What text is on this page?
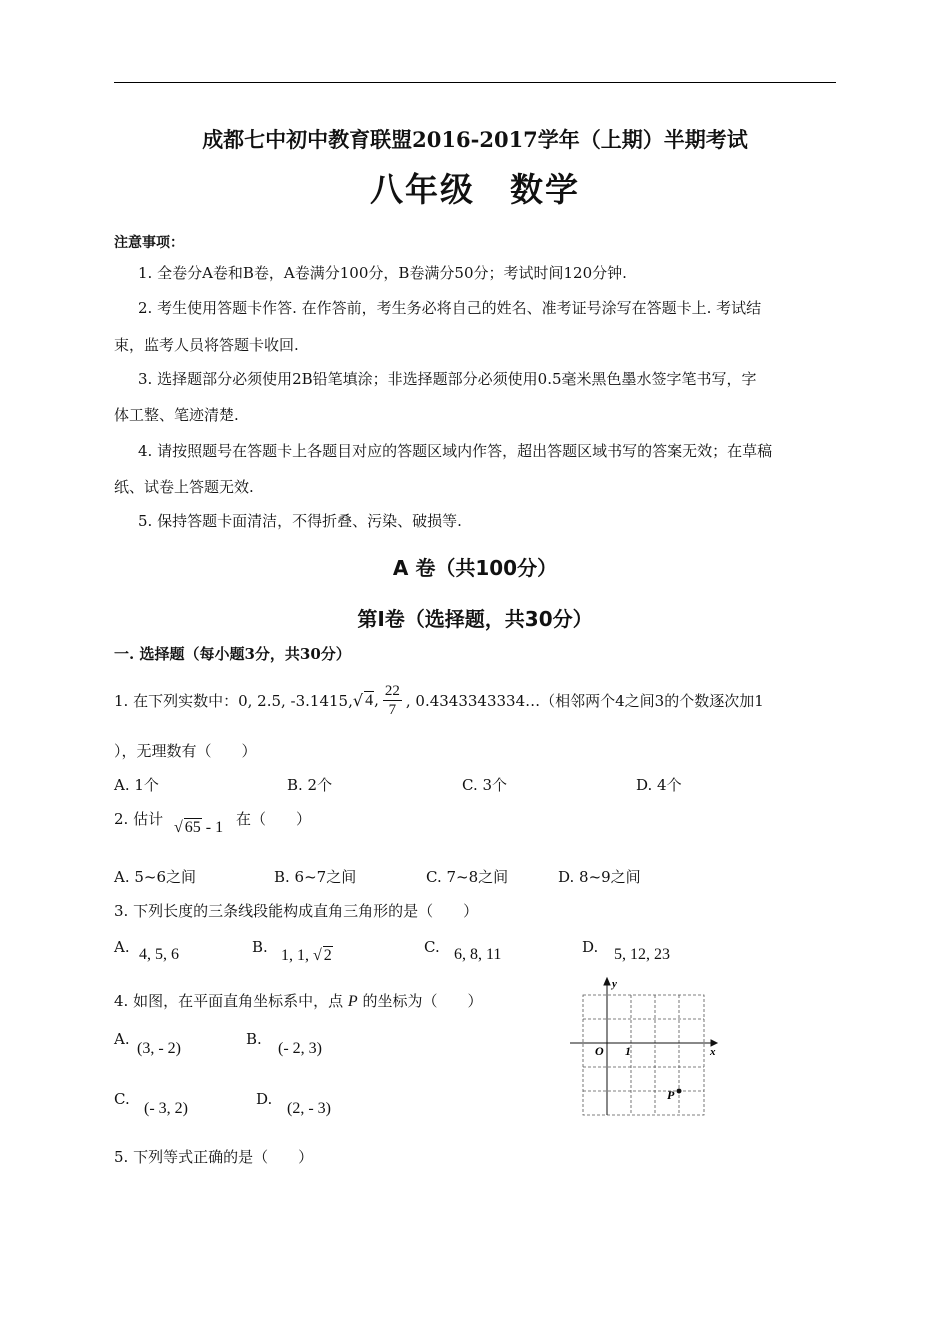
成都七中初中教育联盟2016-2017学年（上期）半期考试
八年级　数学
注意事项：
1. 全卷分A卷和B卷，A卷满分100分，B卷满分50分；考试时间120分钟.
2. 考生使用答题卡作答. 在作答前，考生务必将自己的姓名、准考证号涂写在答题卡上. 考试结
束，监考人员将答题卡收回.
3. 选择题部分必须使用2B铅笔填涂；非选择题部分必须使用0.5毫米黑色墨水签字笔书写，字
体工整、笔迹清楚.
4. 请按照题号在答题卡上各题目对应的答题区域内作答，超出答题区域书写的答案无效；在草稿
纸、试卷上答题无效.
5. 保持答题卡面清洁，不得折叠、污染、破损等.
A 卷（共100分）
第Ⅰ卷（选择题，共30分）
一. 选择题（每小题3分，共30分）
1. 在下列实数中：0, 2.5, -3.1415, √ 4 , $\frac{22}{7}$ , 0.4343343334…（相邻两个4之间3的个数逐次加1
），无理数有（　　）
A. 1个	B. 2个	C. 3个	D. 4个
2. 估计 √ 65 - 1 在（　　）
A. 5~6之间	B. 6~7之间	C. 7~8之间	D. 8~9之间
3. 下列长度的三条线段能构成直角三角形的是（　　）
A. 4, 5, 6	B. 1, 1, √ 2	C. 6, 8, 11	D. 5, 12, 23
4. 如图，在平面直角坐标系中，点 P 的坐标为（　　）
A.
(3, - 2)
B.
(- 2, 3)
C.
(- 3, 2)
D.
(2, - 3)
y
x
O 1
P
5. 下列等式正确的是（　　）
